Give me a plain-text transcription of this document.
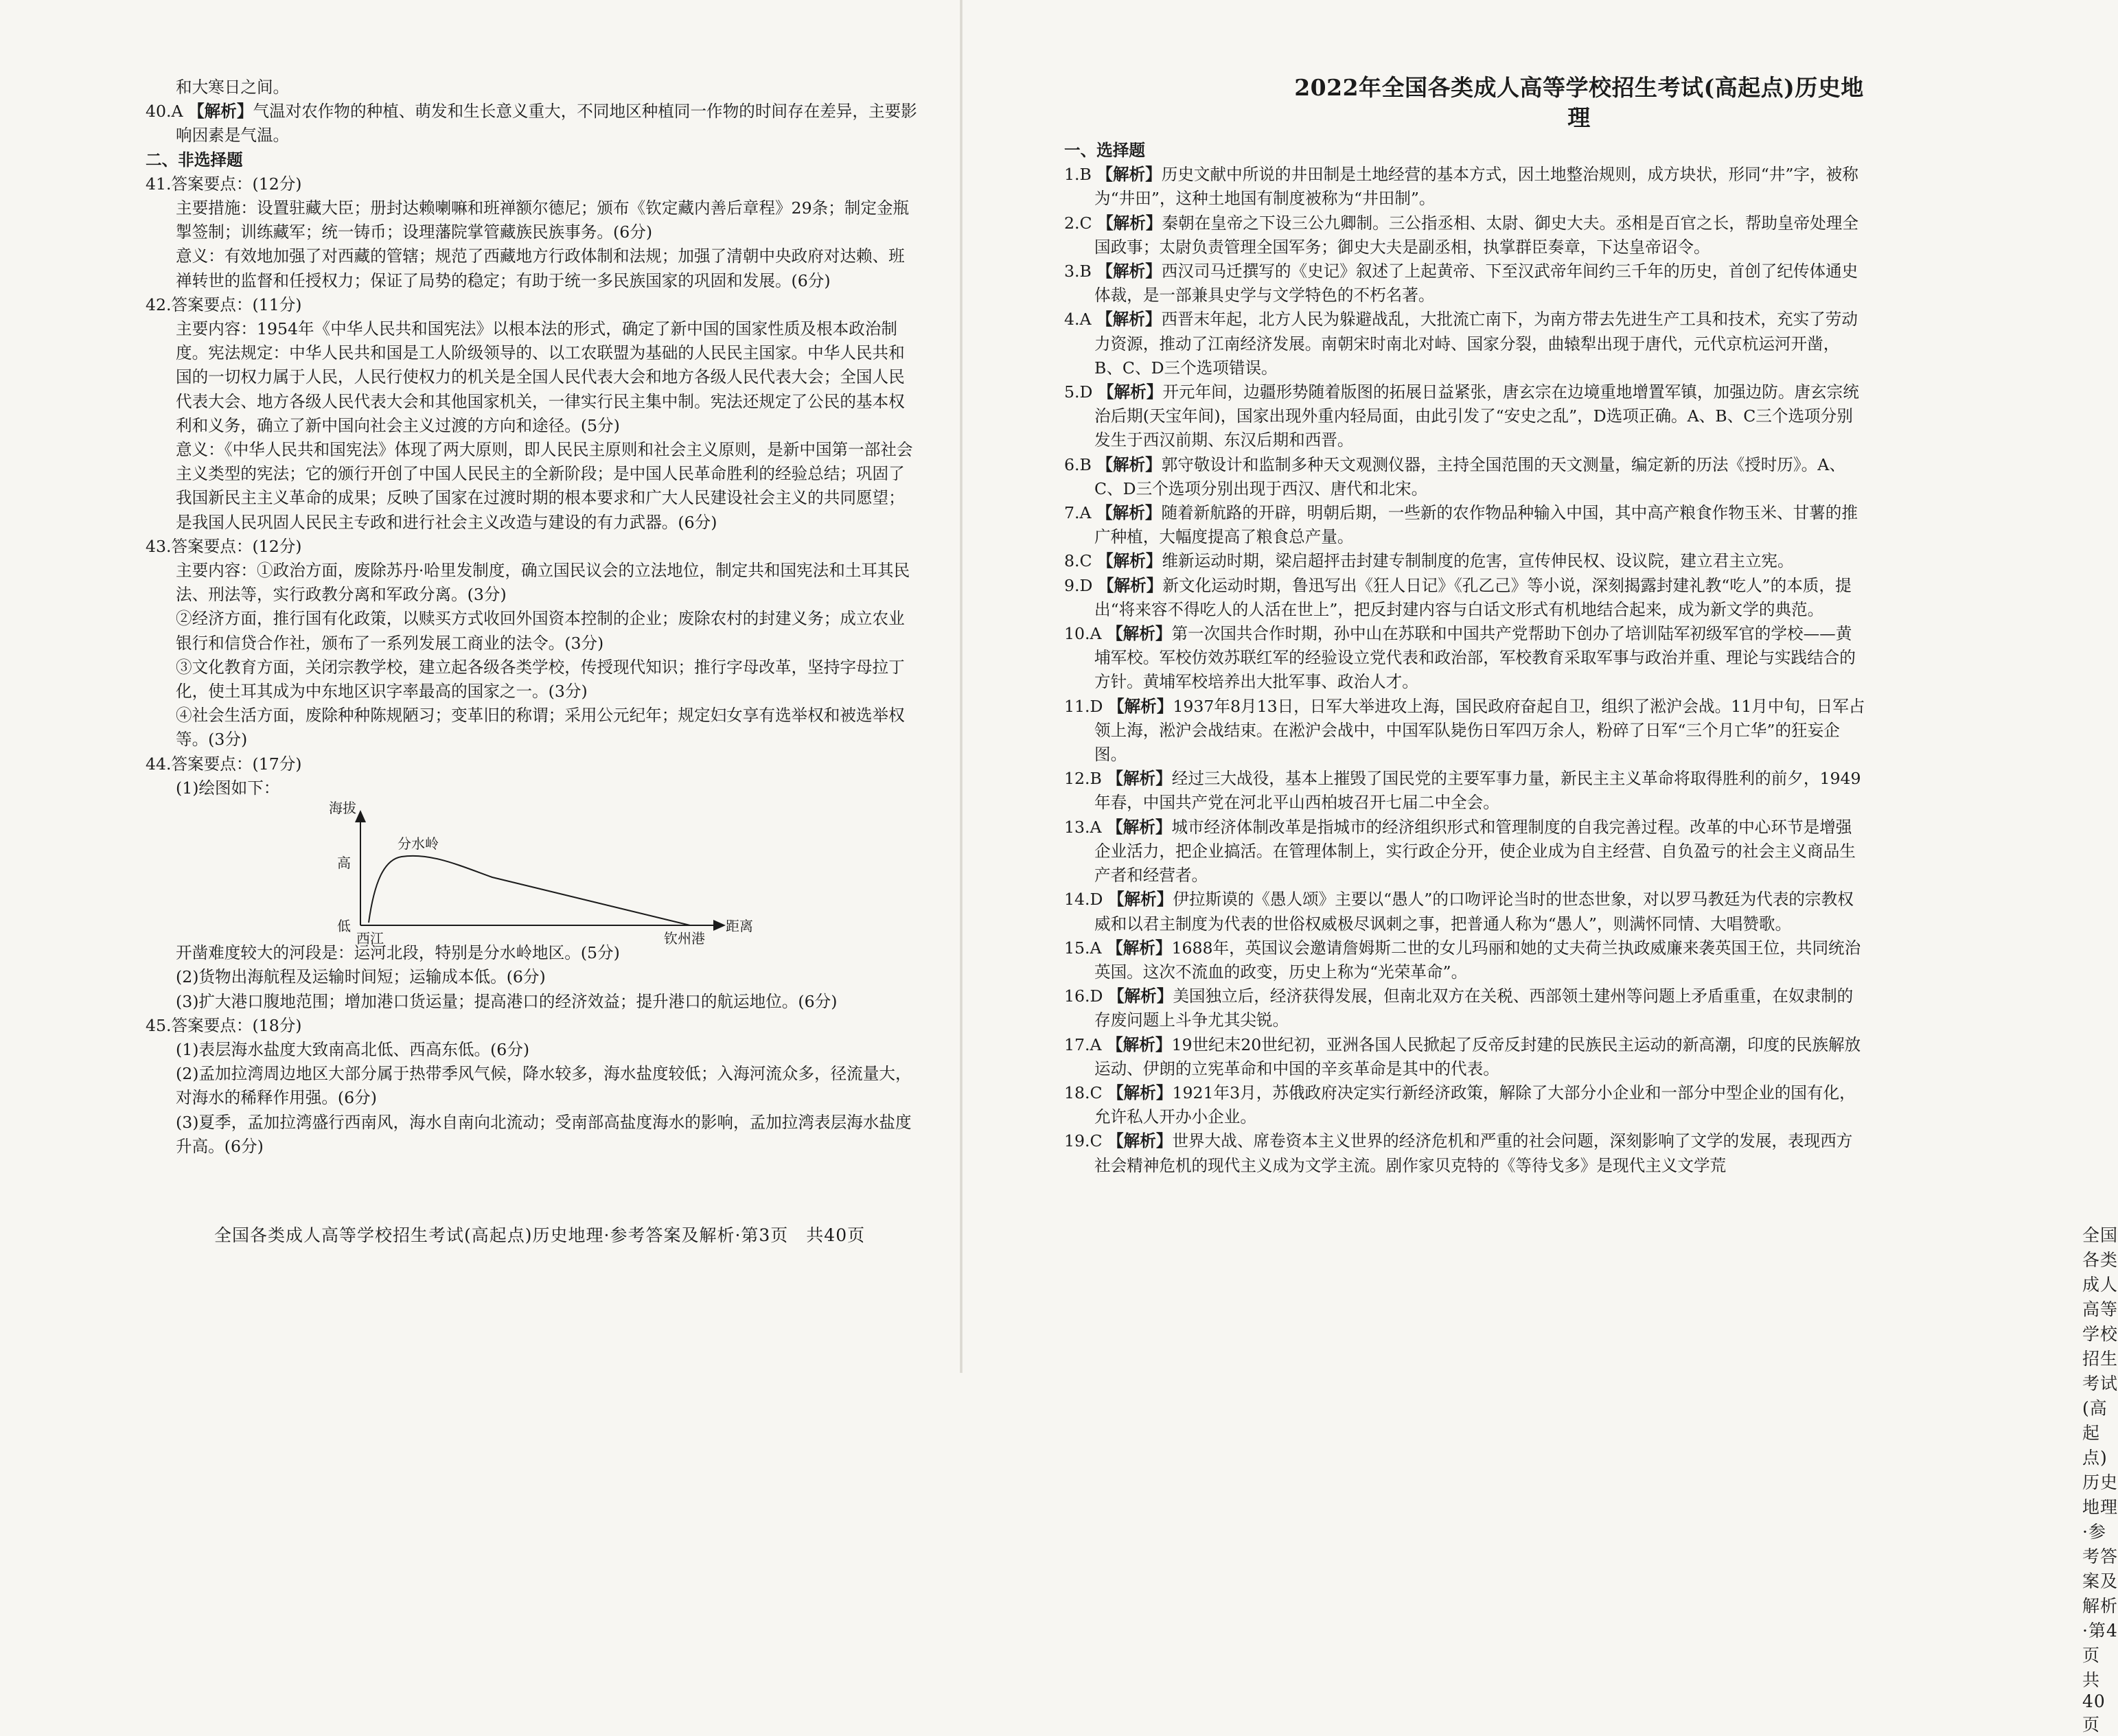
和大寒日之间。
40.A 【解析】气温对农作物的种植、萌发和生长意义重大，不同地区种植同一作物的时间存在差异，主要影响因素是气温。
二、非选择题
41.答案要点：(12分)
主要措施：设置驻藏大臣；册封达赖喇嘛和班禅额尔德尼；颁布《钦定藏内善后章程》29条；制定金瓶掣签制；训练藏军；统一铸币；设理藩院掌管藏族民族事务。(6分)
意义：有效地加强了对西藏的管辖；规范了西藏地方行政体制和法规；加强了清朝中央政府对达赖、班禅转世的监督和任授权力；保证了局势的稳定；有助于统一多民族国家的巩固和发展。(6分)
42.答案要点：(11分)
主要内容：1954年《中华人民共和国宪法》以根本法的形式，确定了新中国的国家性质及根本政治制度。宪法规定：中华人民共和国是工人阶级领导的、以工农联盟为基础的人民民主国家。中华人民共和国的一切权力属于人民，人民行使权力的机关是全国人民代表大会和地方各级人民代表大会；全国人民代表大会、地方各级人民代表大会和其他国家机关，一律实行民主集中制。宪法还规定了公民的基本权利和义务，确立了新中国向社会主义过渡的方向和途径。(5分)
意义：《中华人民共和国宪法》体现了两大原则，即人民民主原则和社会主义原则，是新中国第一部社会主义类型的宪法；它的颁行开创了中国人民民主的全新阶段；是中国人民革命胜利的经验总结；巩固了我国新民主主义革命的成果；反映了国家在过渡时期的根本要求和广大人民建设社会主义的共同愿望；是我国人民巩固人民民主专政和进行社会主义改造与建设的有力武器。(6分)
43.答案要点：(12分)
主要内容：①政治方面，废除苏丹·哈里发制度，确立国民议会的立法地位，制定共和国宪法和土耳其民法、刑法等，实行政教分离和军政分离。(3分)
②经济方面，推行国有化政策，以赎买方式收回外国资本控制的企业；废除农村的封建义务；成立农业银行和信贷合作社，颁布了一系列发展工商业的法令。(3分)
③文化教育方面，关闭宗教学校，建立起各级各类学校，传授现代知识；推行字母改革，坚持字母拉丁化，使土耳其成为中东地区识字率最高的国家之一。(3分)
④社会生活方面，废除种种陈规陋习；变革旧的称谓；采用公元纪年；规定妇女享有选举权和被选举权等。(3分)
44.答案要点：(17分)
(1)绘图如下：
海拔
高
低
分水岭
西江	钦州港
距离
开凿难度较大的河段是：运河北段，特别是分水岭地区。(5分)
(2)货物出海航程及运输时间短；运输成本低。(6分)
(3)扩大港口腹地范围；增加港口货运量；提高港口的经济效益；提升港口的航运地位。(6分)
45.答案要点：(18分)
(1)表层海水盐度大致南高北低、西高东低。(6分)
(2)孟加拉湾周边地区大部分属于热带季风气候，降水较多，海水盐度较低；入海河流众多，径流量大，对海水的稀释作用强。(6分)
(3)夏季，孟加拉湾盛行西南风，海水自南向北流动；受南部高盐度海水的影响，孟加拉湾表层海水盐度升高。(6分)
全国各类成人高等学校招生考试(高起点)历史地理·参考答案及解析·第3页　共40页
2022年全国各类成人高等学校招生考试(高起点)历史地理
一、选择题
1.B 【解析】历史文献中所说的井田制是土地经营的基本方式，因土地整治规则，成方块状，形同“井”字，被称为“井田”，这种土地国有制度被称为“井田制”。
2.C 【解析】秦朝在皇帝之下设三公九卿制。三公指丞相、太尉、御史大夫。丞相是百官之长，帮助皇帝处理全国政事；太尉负责管理全国军务；御史大夫是副丞相，执掌群臣奏章，下达皇帝诏令。
3.B 【解析】西汉司马迁撰写的《史记》叙述了上起黄帝、下至汉武帝年间约三千年的历史，首创了纪传体通史体裁，是一部兼具史学与文学特色的不朽名著。
4.A 【解析】西晋末年起，北方人民为躲避战乱，大批流亡南下，为南方带去先进生产工具和技术，充实了劳动力资源，推动了江南经济发展。南朝宋时南北对峙、国家分裂，曲辕犁出现于唐代，元代京杭运河开凿，B、C、D三个选项错误。
5.D 【解析】开元年间，边疆形势随着版图的拓展日益紧张，唐玄宗在边境重地增置军镇，加强边防。唐玄宗统治后期(天宝年间)，国家出现外重内轻局面，由此引发了“安史之乱”，D选项正确。A、B、C三个选项分别发生于西汉前期、东汉后期和西晋。
6.B 【解析】郭守敬设计和监制多种天文观测仪器，主持全国范围的天文测量，编定新的历法《授时历》。A、C、D三个选项分别出现于西汉、唐代和北宋。
7.A 【解析】随着新航路的开辟，明朝后期，一些新的农作物品种输入中国，其中高产粮食作物玉米、甘薯的推广种植，大幅度提高了粮食总产量。
8.C 【解析】维新运动时期，梁启超抨击封建专制制度的危害，宣传伸民权、设议院，建立君主立宪。
9.D 【解析】新文化运动时期，鲁迅写出《狂人日记》《孔乙己》等小说，深刻揭露封建礼教“吃人”的本质，提出“将来容不得吃人的人活在世上”，把反封建内容与白话文形式有机地结合起来，成为新文学的典范。
10.A 【解析】第一次国共合作时期，孙中山在苏联和中国共产党帮助下创办了培训陆军初级军官的学校——黄埔军校。军校仿效苏联红军的经验设立党代表和政治部，军校教育采取军事与政治并重、理论与实践结合的方针。黄埔军校培养出大批军事、政治人才。
11.D 【解析】1937年8月13日，日军大举进攻上海，国民政府奋起自卫，组织了淞沪会战。11月中旬，日军占领上海，淞沪会战结束。在淞沪会战中，中国军队毙伤日军四万余人，粉碎了日军“三个月亡华”的狂妄企图。
12.B 【解析】经过三大战役，基本上摧毁了国民党的主要军事力量，新民主主义革命将取得胜利的前夕，1949年春，中国共产党在河北平山西柏坡召开七届二中全会。
13.A 【解析】城市经济体制改革是指城市的经济组织形式和管理制度的自我完善过程。改革的中心环节是增强企业活力，把企业搞活。在管理体制上，实行政企分开，使企业成为自主经营、自负盈亏的社会主义商品生产者和经营者。
14.D 【解析】伊拉斯谟的《愚人颂》主要以“愚人”的口吻评论当时的世态世象，对以罗马教廷为代表的宗教权威和以君主制度为代表的世俗权威极尽讽刺之事，把普通人称为“愚人”，则满怀同情、大唱赞歌。
15.A 【解析】1688年，英国议会邀请詹姆斯二世的女儿玛丽和她的丈夫荷兰执政威廉来袭英国王位，共同统治英国。这次不流血的政变，历史上称为“光荣革命”。
16.D 【解析】美国独立后，经济获得发展，但南北双方在关税、西部领土建州等问题上矛盾重重，在奴隶制的存废问题上斗争尤其尖锐。
17.A 【解析】19世纪末20世纪初，亚洲各国人民掀起了反帝反封建的民族民主运动的新高潮，印度的民族解放运动、伊朗的立宪革命和中国的辛亥革命是其中的代表。
18.C 【解析】1921年3月，苏俄政府决定实行新经济政策，解除了大部分小企业和一部分中型企业的国有化，允许私人开办小企业。
19.C 【解析】世界大战、席卷资本主义世界的经济危机和严重的社会问题，深刻影响了文学的发展，表现西方社会精神危机的现代主义成为文学主流。剧作家贝克特的《等待戈多》是现代主义文学荒
全国各类成人高等学校招生考试(高起点)历史地理·参考答案及解析·第4页　共40页
